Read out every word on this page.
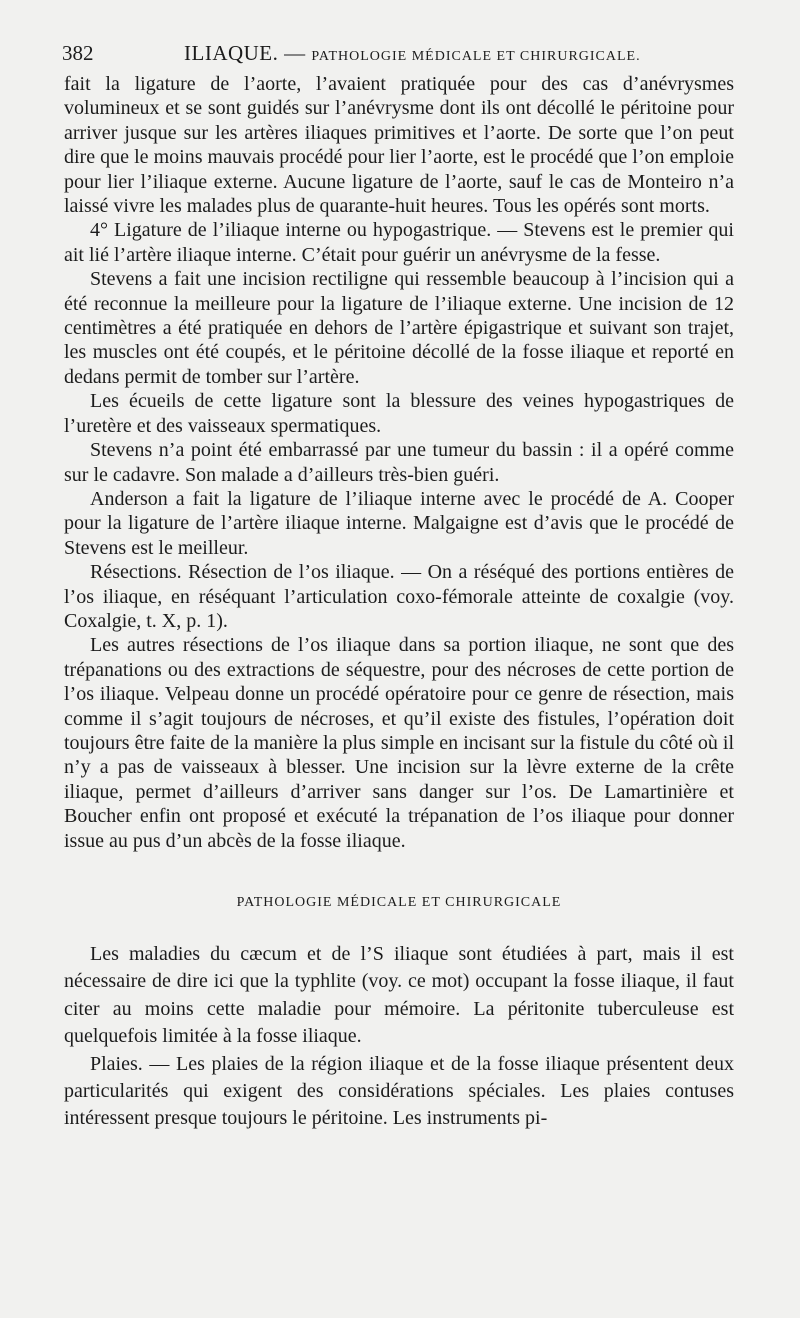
382	ILIAQUE. — PATHOLOGIE MÉDICALE ET CHIRURGICALE.

fait la ligature de l’aorte, l’avaient pratiquée pour des cas d’anévrysmes volumineux et se sont guidés sur l’anévrysme dont ils ont décollé le péritoine pour arriver jusque sur les artères iliaques primitives et l’aorte. De sorte que l’on peut dire que le moins mauvais procédé pour lier l’aorte, est le procédé que l’on emploie pour lier l’iliaque externe. Aucune ligature de l’aorte, sauf le cas de Monteiro n’a laissé vivre les malades plus de quarante-huit heures. Tous les opérés sont morts.

4° Ligature de l’iliaque interne ou hypogastrique. — Stevens est le premier qui ait lié l’artère iliaque interne. C’était pour guérir un anévrysme de la fesse.

Stevens a fait une incision rectiligne qui ressemble beaucoup à l’incision qui a été reconnue la meilleure pour la ligature de l’iliaque externe. Une incision de 12 centimètres a été pratiquée en dehors de l’artère épigastrique et suivant son trajet, les muscles ont été coupés, et le péritoine décollé de la fosse iliaque et reporté en dedans permit de tomber sur l’artère.

Les écueils de cette ligature sont la blessure des veines hypogastriques de l’uretère et des vaisseaux spermatiques.

Stevens n’a point été embarrassé par une tumeur du bassin : il a opéré comme sur le cadavre. Son malade a d’ailleurs très-bien guéri.

Anderson a fait la ligature de l’iliaque interne avec le procédé de A. Cooper pour la ligature de l’artère iliaque interne. Malgaigne est d’avis que le procédé de Stevens est le meilleur.

Résections. Résection de l’os iliaque. — On a réséqué des portions entières de l’os iliaque, en réséquant l’articulation coxo-fémorale atteinte de coxalgie (voy. Coxalgie, t. X, p. 1).

Les autres résections de l’os iliaque dans sa portion iliaque, ne sont que des trépanations ou des extractions de séquestre, pour des nécroses de cette portion de l’os iliaque. Velpeau donne un procédé opératoire pour ce genre de résection, mais comme il s’agit toujours de nécroses, et qu’il existe des fistules, l’opération doit toujours être faite de la manière la plus simple en incisant sur la fistule du côté où il n’y a pas de vaisseaux à blesser. Une incision sur la lèvre externe de la crête iliaque, permet d’ailleurs d’arriver sans danger sur l’os. De Lamartinière et Boucher enfin ont proposé et exécuté la trépanation de l’os iliaque pour donner issue au pus d’un abcès de la fosse iliaque.

PATHOLOGIE MÉDICALE ET CHIRURGICALE

Les maladies du cæcum et de l’S iliaque sont étudiées à part, mais il est nécessaire de dire ici que la typhlite (voy. ce mot) occupant la fosse iliaque, il faut citer au moins cette maladie pour mémoire. La péritonite tuberculeuse est quelquefois limitée à la fosse iliaque.

Plaies. — Les plaies de la région iliaque et de la fosse iliaque présentent deux particularités qui exigent des considérations spéciales. Les plaies contuses intéressent presque toujours le péritoine. Les instruments pi-
